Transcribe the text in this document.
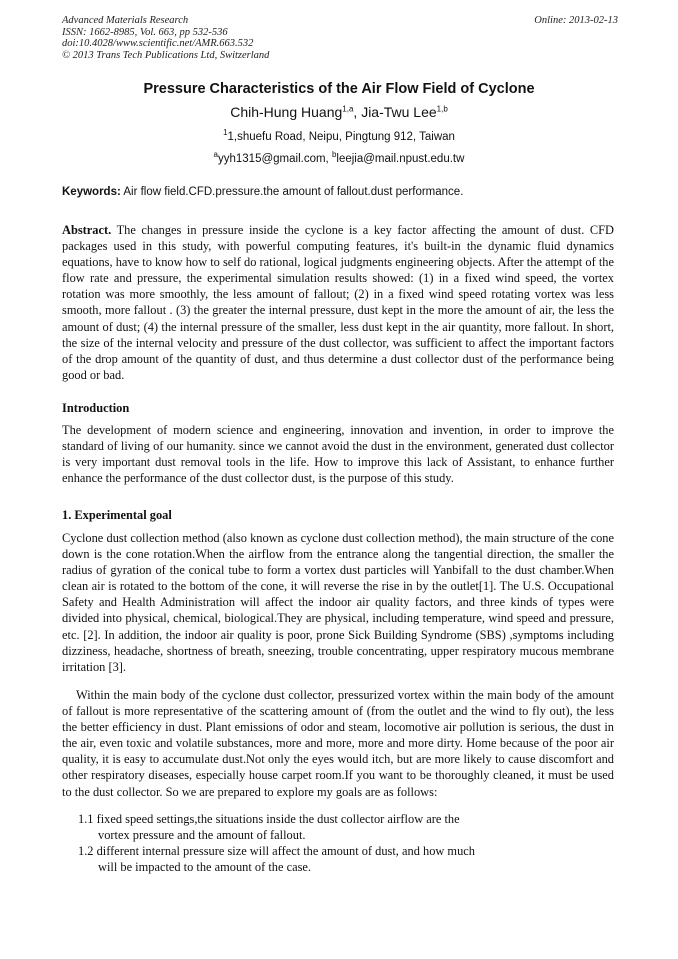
Advanced Materials Research
ISSN: 1662-8985, Vol. 663, pp 532-536
doi:10.4028/www.scientific.net/AMR.663.532
© 2013 Trans Tech Publications Ltd, Switzerland
Online: 2013-02-13
Pressure Characteristics of the Air Flow Field of Cyclone
Chih-Hung Huang$^{1,a}$, Jia-Twu Lee$^{1,b}$
$^1$1,shuefu Road, Neipu, Pingtung 912, Taiwan
$^a$yyh1315@gmail.com, $^b$leejia@mail.npust.edu.tw
Keywords: Air flow field.CFD.pressure.the amount of fallout.dust performance.
Abstract. The changes in pressure inside the cyclone is a key factor affecting the amount of dust. CFD packages used in this study, with powerful computing features, it's built-in the dynamic fluid dynamics equations, have to know how to self do rational, logical judgments engineering objects. After the attempt of the flow rate and pressure, the experimental simulation results showed: (1) in a fixed wind speed, the vortex rotation was more smoothly, the less amount of fallout; (2) in a fixed wind speed rotating vortex was less smooth, more fallout . (3) the greater the internal pressure, dust kept in the more the amount of air, the less the amount of dust; (4) the internal pressure of the smaller, less dust kept in the air quantity, more fallout. In short, the size of the internal velocity and pressure of the dust collector, was sufficient to affect the important factors of the drop amount of the quantity of dust, and thus determine a dust collector dust of the performance being good or bad.
Introduction
The development of modern science and engineering, innovation and invention, in order to improve the standard of living of our humanity. since we cannot avoid the dust in the environment, generated dust collector is very important dust removal tools in the life. How to improve this lack of Assistant, to enhance further enhance the performance of the dust collector dust, is the purpose of this study.
1. Experimental goal
Cyclone dust collection method (also known as cyclone dust collection method), the main structure of the cone down is the cone rotation.When the airflow from the entrance along the tangential direction, the smaller the radius of gyration of the conical tube to form a vortex dust particles will Yanbifall to the dust chamber.When clean air is rotated to the bottom of the cone, it will reverse the rise in by the outlet[1]. The U.S. Occupational Safety and Health Administration will affect the indoor air quality factors, and three kinds of types were divided into physical, chemical, biological.They are physical, including temperature, wind speed and pressure, etc. [2]. In addition, the indoor air quality is poor, prone Sick Building Syndrome (SBS) ,symptoms including dizziness, headache, shortness of breath, sneezing, trouble concentrating, upper respiratory mucous membrane irritation [3].
Within the main body of the cyclone dust collector, pressurized vortex within the main body of the amount of fallout is more representative of the scattering amount of (from the outlet and the wind to fly out), the less the better efficiency in dust. Plant emissions of odor and steam, locomotive air pollution is serious, the dust in the air, even toxic and volatile substances, more and more, more and more dirty. Home because of the poor air quality, it is easy to accumulate dust.Not only the eyes would itch, but are more likely to cause discomfort and other respiratory diseases, especially house carpet room.If you want to be thoroughly cleaned, it must be used to the dust collector. So we are prepared to explore my goals are as follows:
1.1 fixed speed settings,the situations inside the dust collector airflow are the
vortex pressure and the amount of fallout.
1.2 different internal pressure size will affect the amount of dust, and how much
will be impacted to the amount of the case.
